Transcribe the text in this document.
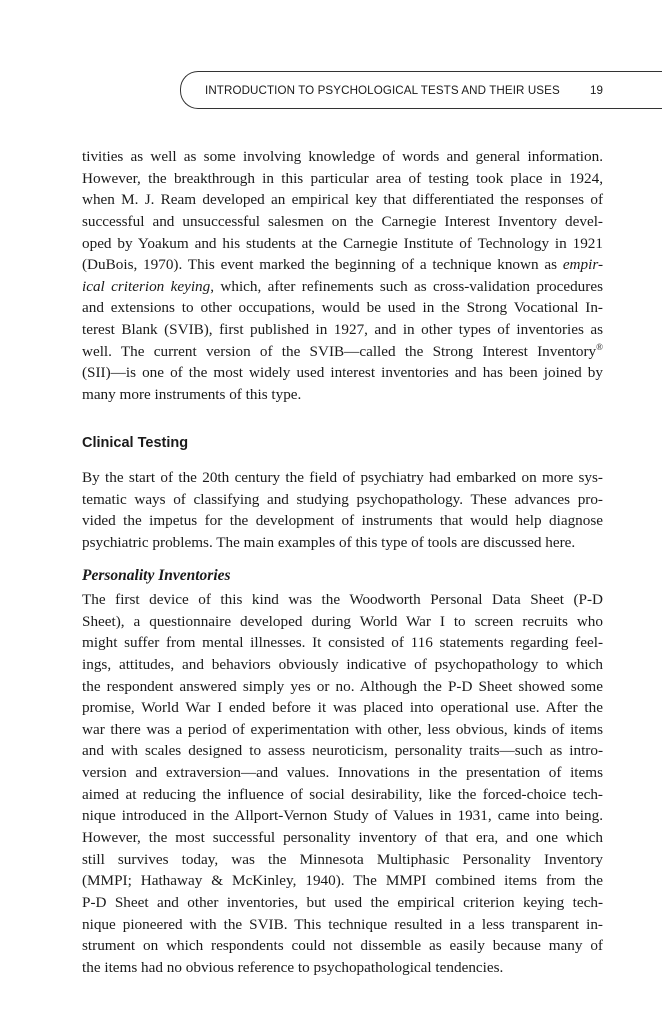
INTRODUCTION TO PSYCHOLOGICAL TESTS AND THEIR USES	19
tivities as well as some involving knowledge of words and general information.
However, the breakthrough in this particular area of testing took place in 1924,
when M. J. Ream developed an empirical key that differentiated the responses of
successful and unsuccessful salesmen on the Carnegie Interest Inventory devel-
oped by Yoakum and his students at the Carnegie Institute of Technology in 1921
(DuBois, 1970). This event marked the beginning of a technique known as empir-
ical criterion keying, which, after refinements such as cross-validation procedures
and extensions to other occupations, would be used in the Strong Vocational In-
terest Blank (SVIB), first published in 1927, and in other types of inventories as
well. The current version of the SVIB—called the Strong Interest Inventory®
(SII)—is one of the most widely used interest inventories and has been joined by
many more instruments of this type.
Clinical Testing
By the start of the 20th century the field of psychiatry had embarked on more sys-
tematic ways of classifying and studying psychopathology. These advances pro-
vided the impetus for the development of instruments that would help diagnose
psychiatric problems. The main examples of this type of tools are discussed here.
Personality Inventories
The first device of this kind was the Woodworth Personal Data Sheet (P-D
Sheet), a questionnaire developed during World War I to screen recruits who
might suffer from mental illnesses. It consisted of 116 statements regarding feel-
ings, attitudes, and behaviors obviously indicative of psychopathology to which
the respondent answered simply yes or no. Although the P-D Sheet showed some
promise, World War I ended before it was placed into operational use. After the
war there was a period of experimentation with other, less obvious, kinds of items
and with scales designed to assess neuroticism, personality traits—such as intro-
version and extraversion—and values. Innovations in the presentation of items
aimed at reducing the influence of social desirability, like the forced-choice tech-
nique introduced in the Allport-Vernon Study of Values in 1931, came into being.
However, the most successful personality inventory of that era, and one which
still survives today, was the Minnesota Multiphasic Personality Inventory
(MMPI; Hathaway & McKinley, 1940). The MMPI combined items from the
P-D Sheet and other inventories, but used the empirical criterion keying tech-
nique pioneered with the SVIB. This technique resulted in a less transparent in-
strument on which respondents could not dissemble as easily because many of
the items had no obvious reference to psychopathological tendencies.
